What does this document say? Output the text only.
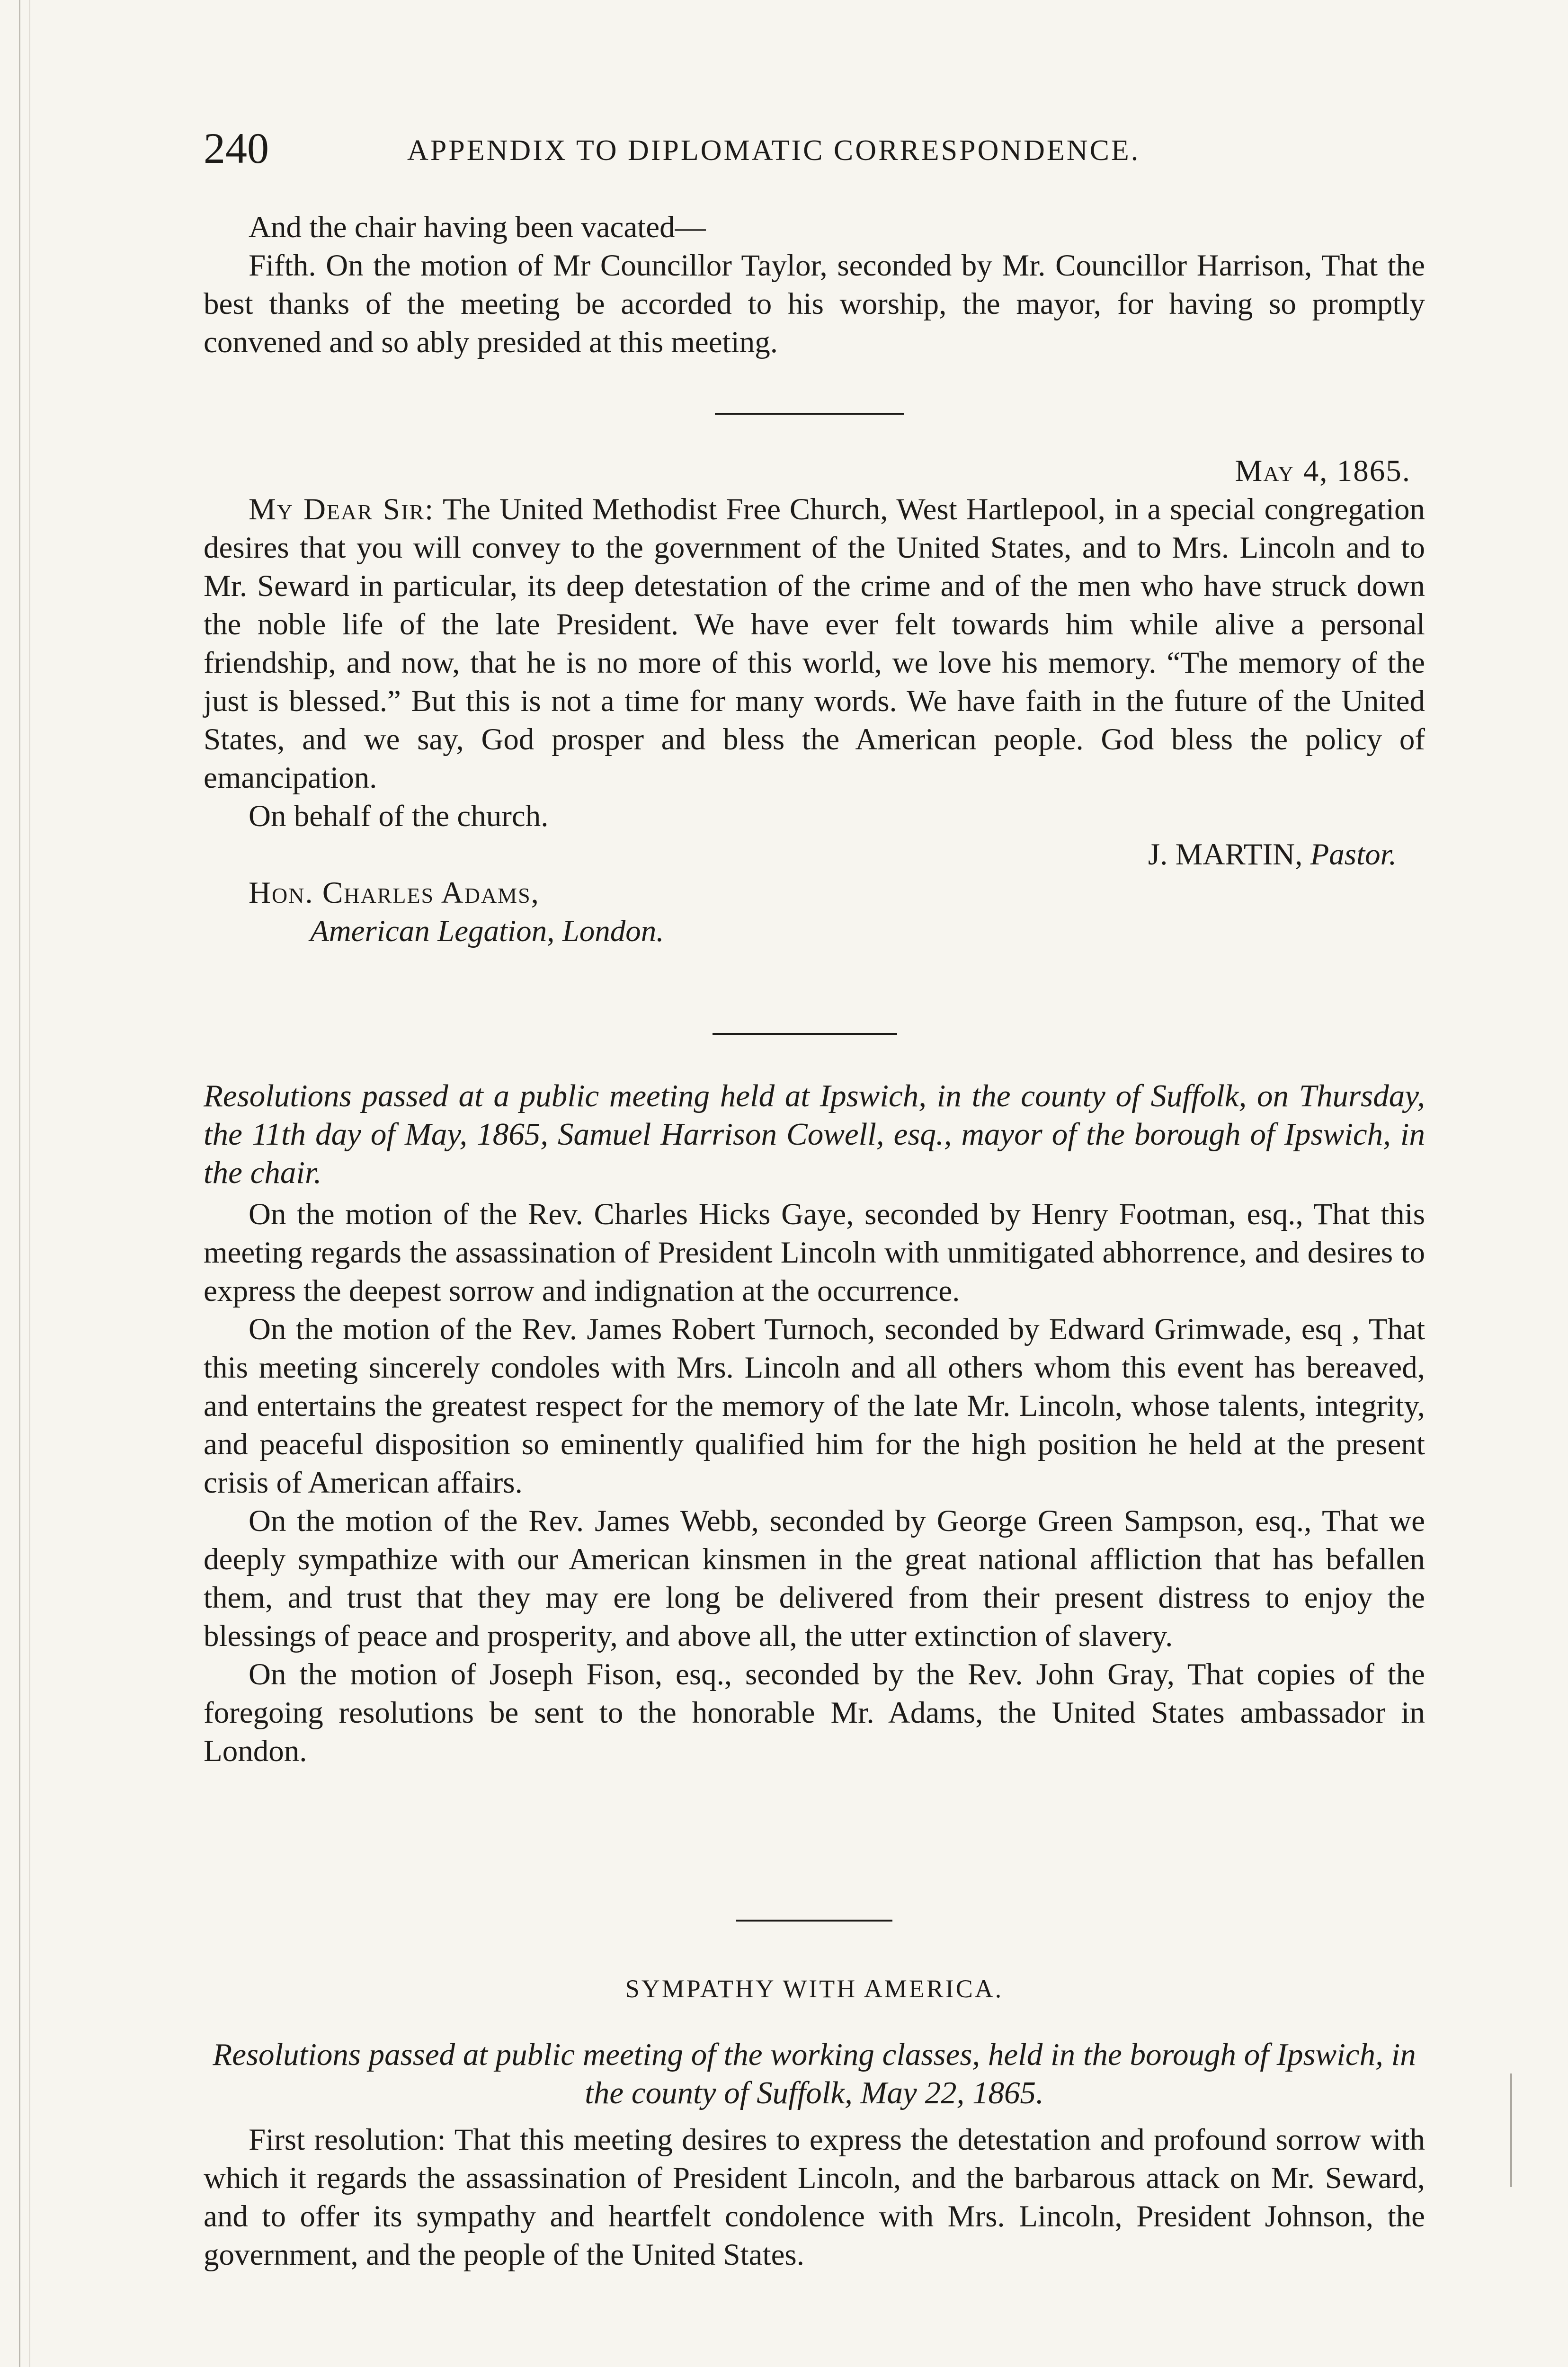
240	APPENDIX TO DIPLOMATIC CORRESPONDENCE.

And the chair having been vacated—

Fifth. On the motion of Mr Councillor Taylor, seconded by Mr. Councillor Harrison, That the best thanks of the meeting be accorded to his worship, the mayor, for having so promptly convened and so ably presided at this meeting.

May 4, 1865.

My Dear Sir: The United Methodist Free Church, West Hartlepool, in a special congregation desires that you will convey to the government of the United States, and to Mrs. Lincoln and to Mr. Seward in particular, its deep detestation of the crime and of the men who have struck down the noble life of the late President. We have ever felt towards him while alive a personal friendship, and now, that he is no more of this world, we love his memory. “The memory of the just is blessed.” But this is not a time for many words. We have faith in the future of the United States, and we say, God prosper and bless the American people. God bless the policy of emancipation.

On behalf of the church.

J. MARTIN, Pastor.

Hon. Charles Adams,

American Legation, London.

Resolutions passed at a public meeting held at Ipswich, in the county of Suffolk, on Thursday, the 11th day of May, 1865, Samuel Harrison Cowell, esq., mayor of the borough of Ipswich, in the chair.

On the motion of the Rev. Charles Hicks Gaye, seconded by Henry Footman, esq., That this meeting regards the assassination of President Lincoln with unmitigated abhorrence, and desires to express the deepest sorrow and indignation at the occurrence.

On the motion of the Rev. James Robert Turnoch, seconded by Edward Grimwade, esq , That this meeting sincerely condoles with Mrs. Lincoln and all others whom this event has bereaved, and entertains the greatest respect for the memory of the late Mr. Lincoln, whose talents, integrity, and peaceful disposition so eminently qualified him for the high position he held at the present crisis of American affairs.

On the motion of the Rev. James Webb, seconded by George Green Sampson, esq., That we deeply sympathize with our American kinsmen in the great national affliction that has befallen them, and trust that they may ere long be delivered from their present distress to enjoy the blessings of peace and prosperity, and above all, the utter extinction of slavery.

On the motion of Joseph Fison, esq., seconded by the Rev. John Gray, That copies of the foregoing resolutions be sent to the honorable Mr. Adams, the United States ambassador in London.

SYMPATHY WITH AMERICA.

Resolutions passed at public meeting of the working classes, held in the borough of Ipswich, in the county of Suffolk, May 22, 1865.

First resolution: That this meeting desires to express the detestation and profound sorrow with which it regards the assassination of President Lincoln, and the barbarous attack on Mr. Seward, and to offer its sympathy and heartfelt condolence with Mrs. Lincoln, President Johnson, the government, and the people of the United States.
